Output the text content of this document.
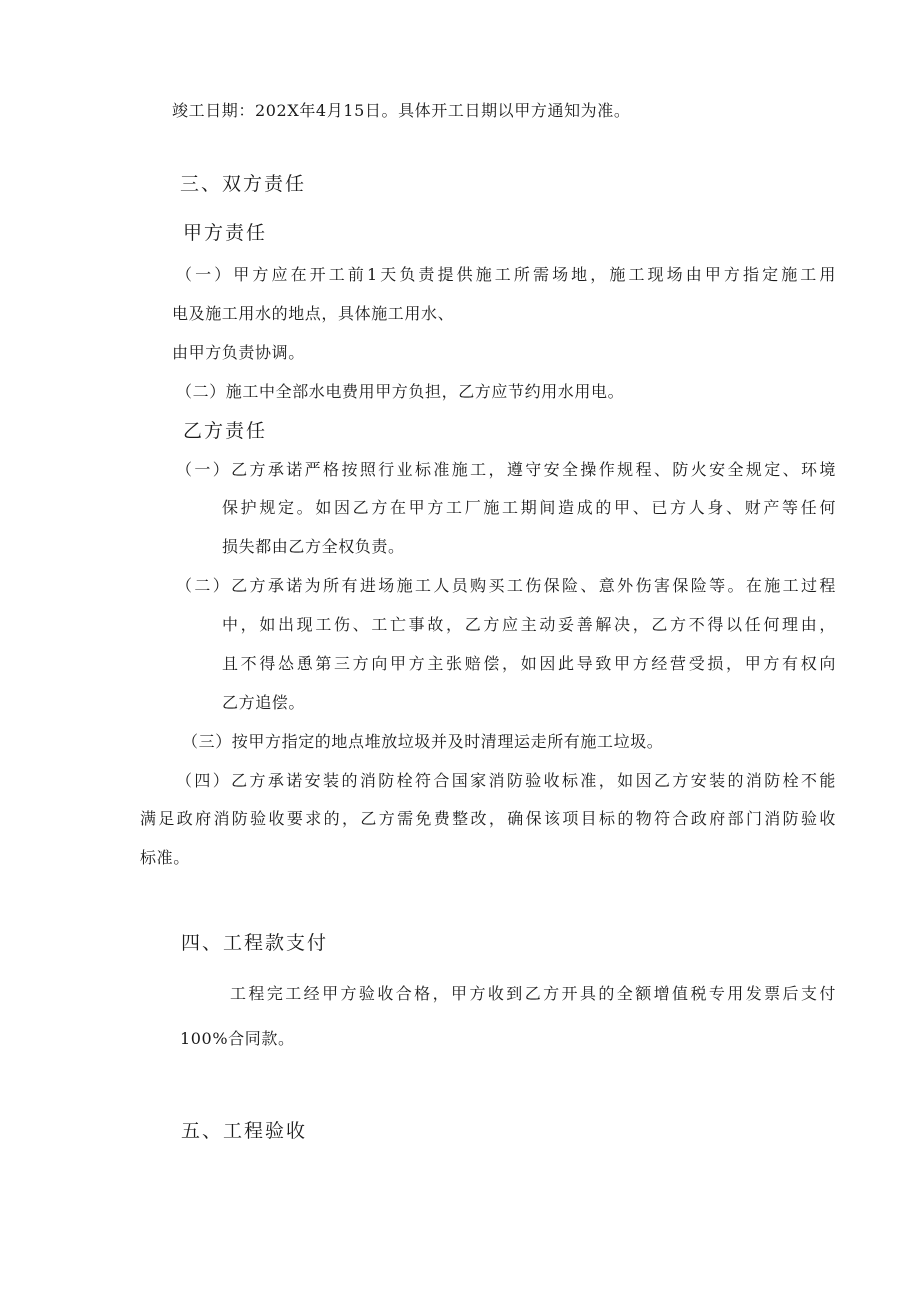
竣工日期：202X年4月15日。具体开工日期以甲方通知为准。
三、双方责任
甲方责任
（一）甲方应在开工前1天负责提供施工所需场地，施工现场由甲方指定施工用
电及施工用水的地点，具体施工用水、
由甲方负责协调。
（二）施工中全部水电费用甲方负担，乙方应节约用水用电。
乙方责任
（一）乙方承诺严格按照行业标准施工，遵守安全操作规程、防火安全规定、环境
保护规定。如因乙方在甲方工厂施工期间造成的甲、已方人身、财产等任何
损失都由乙方全权负责。
（二）乙方承诺为所有进场施工人员购买工伤保险、意外伤害保险等。在施工过程
中，如出现工伤、工亡事故，乙方应主动妥善解决，乙方不得以任何理由，
且不得怂恿第三方向甲方主张赔偿，如因此导致甲方经营受损，甲方有权向
乙方追偿。
（三）按甲方指定的地点堆放垃圾并及时清理运走所有施工垃圾。
（四）乙方承诺安装的消防栓符合国家消防验收标准，如因乙方安装的消防栓不能
满足政府消防验收要求的，乙方需免费整改，确保该项目标的物符合政府部门消防验收
标准。
四、工程款支付
工程完工经甲方验收合格，甲方收到乙方开具的全额增值税专用发票后支付
100%合同款。
五、工程验收
